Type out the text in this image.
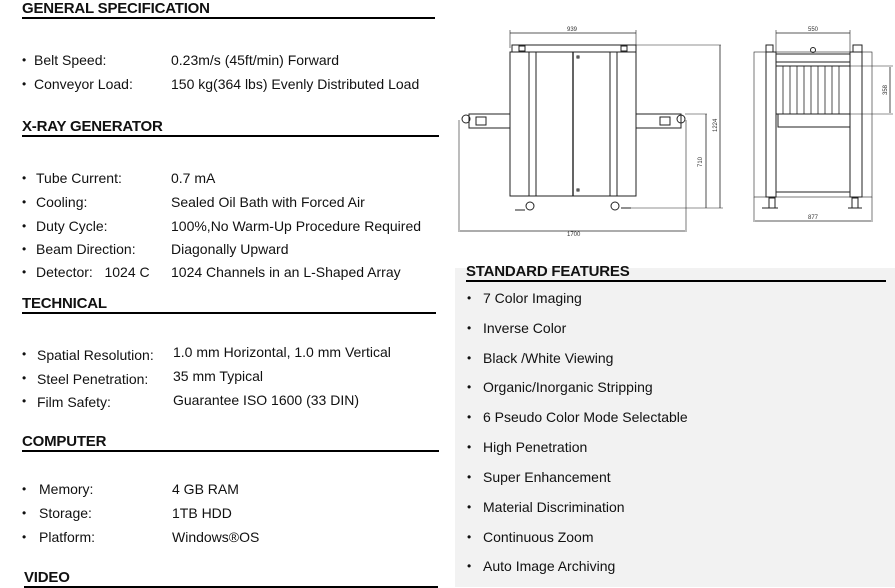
GENERAL SPECIFICATION
• Belt Speed:	0.23m/s (45ft/min) Forward
• Conveyor Load:	150 kg(364 lbs) Evenly Distributed Load
X-RAY GENERATOR
• Tube Current:	0.7 mA
• Cooling:	Sealed Oil Bath with Forced Air
• Duty Cycle:	100%,No Warm-Up Procedure Required
• Beam Direction:	Diagonally Upward
• Detector:   1024 C	1024 Channels in an L-Shaped Array
TECHNICAL
• Spatial Resolution: 1.0 mm Horizontal, 1.0 mm Vertical
• Steel Penetration: 35 mm Typical
• Film Safety:	Guarantee ISO 1600 (33 DIN)
COMPUTER
• Memory:	4 GB RAM
• Storage:	1TB HDD
• Platform:	Windows®OS
VIDEO
939
1700
710
1224
550
877
358
STANDARD FEATURES
• 7 Color Imaging
• Inverse Color
• Black /White Viewing
• Organic/Inorganic Stripping
• 6 Pseudo Color Mode Selectable
• High Penetration
• Super Enhancement
• Material Discrimination
• Continuous Zoom
• Auto Image Archiving
